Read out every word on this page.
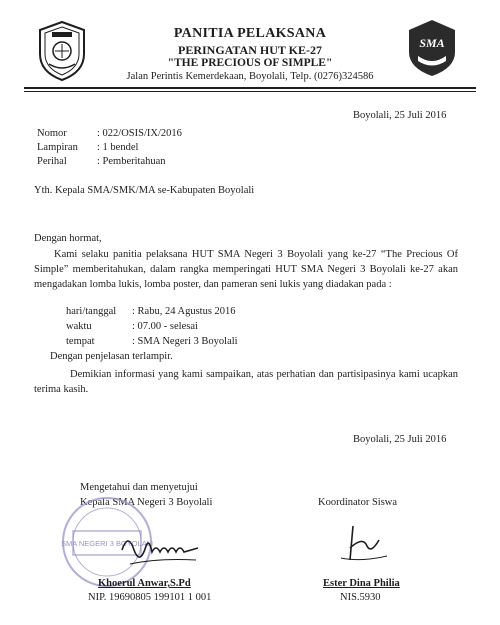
PANITIA PELAKSANA
PERINGATAN HUT KE-27
"THE PRECIOUS OF SIMPLE"
Jalan Perintis Kemerdekaan, Boyolali, Telp. (0276)324586
SMA
Boyolali, 25 Juli 2016
Nomor	: 022/OSIS/IX/2016
Lampiran : 1 bendel
Perihal	: Pemberitahuan
Yth. Kepala SMA/SMK/MA se-Kabupaten Boyolali
Dengan hormat,
Kami selaku panitia pelaksana HUT SMA Negeri 3 Boyolali yang ke-27 “The Precious Of Simple” memberitahukan, dalam rangka memperingati HUT SMA Negeri 3 Boyolali ke-27 akan mengadakan lomba lukis, lomba poster, dan pameran seni lukis yang diadakan pada :
hari/tanggal : Rabu, 24 Agustus 2016
waktu	: 07.00 - selesai
tempat	: SMA Negeri 3 Boyolali
Dengan penjelasan terlampir.
Demikian informasi yang kami sampaikan, atas perhatian dan partisipasinya kami ucapkan terima kasih.
Boyolali, 25 Juli 2016
Mengetahui dan menyetujui
Kepala SMA Negeri 3 Boyolali
SMA NEGERI 3 BOYOLALI
Khoerul Anwar,S.Pd
NIP. 19690805 199101 1 001
Koordinator Siswa
Ester Dina Philia
NIS.5930
